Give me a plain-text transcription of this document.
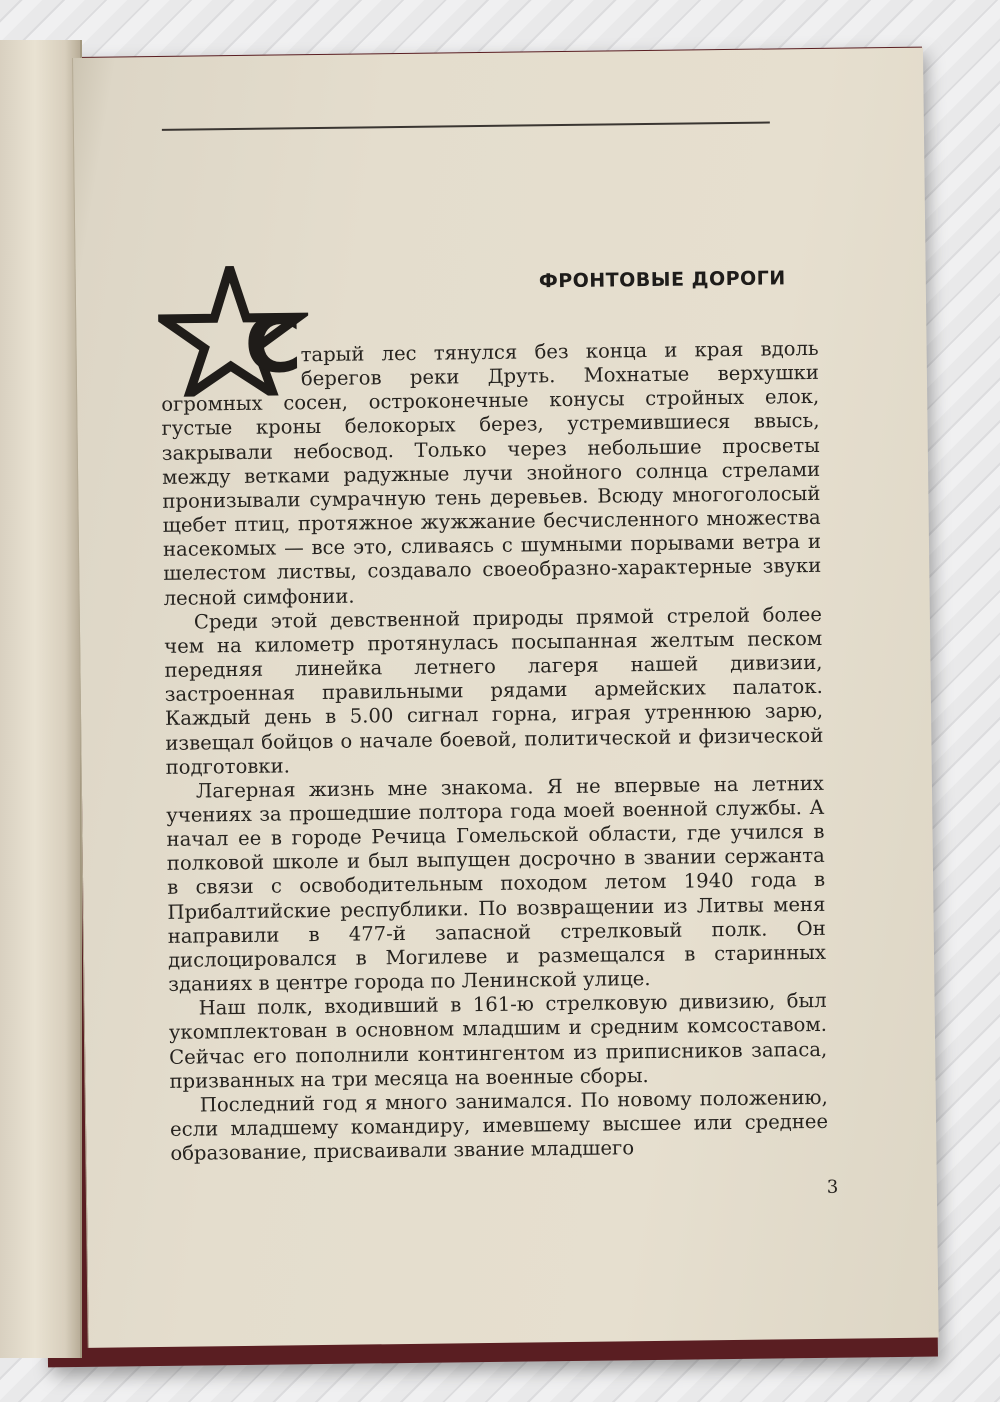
ФРОНТОВЫЕ ДОРОГИ
С

тарый лес тянулся без конца и края вдоль берегов реки Друть. Мохнатые верхушки огромных сосен, остроконечные конусы стройных елок, густые кроны белокорых берез, устремившиеся ввысь, закрывали небосвод. Только через небольшие просветы между ветками радужные лучи знойного солнца стрелами пронизывали сумрачную тень деревьев. Всюду многоголосый щебет птиц, протяжное жужжание бесчисленного множества насекомых — все это, сливаясь с шумными порывами ветра и шелестом листвы, создавало своеобразно-характерные звуки лесной симфонии.

Среди этой девственной природы прямой стрелой более чем на километр протянулась посыпанная желтым песком передняя линейка летнего лагеря нашей дивизии, застроенная правильными рядами армейских палаток. Каждый день в 5.00 сигнал горна, играя утреннюю зарю, извещал бойцов о начале боевой, политической и физической подготовки.

Лагерная жизнь мне знакома. Я не впервые на летних учениях за прошедшие полтора года моей военной службы. А начал ее в городе Речица Гомельской области, где учился в полковой школе и был выпущен досрочно в звании сержанта в связи с освободительным походом летом 1940 года в Прибалтийские республики. По возвращении из Литвы меня направили в 477-й запасной стрелковый полк. Он дислоцировался в Могилеве и размещался в старинных зданиях в центре города по Ленинской улице.

Наш полк, входивший в 161-ю стрелковую дивизию, был укомплектован в основном младшим и средним комсоставом. Сейчас его пополнили контингентом из приписников запаса, призванных на три месяца на военные сборы.

Последний год я много занимался. По новому положению, если младшему командиру, имевшему высшее или среднее образование, присваивали звание младшего

3
